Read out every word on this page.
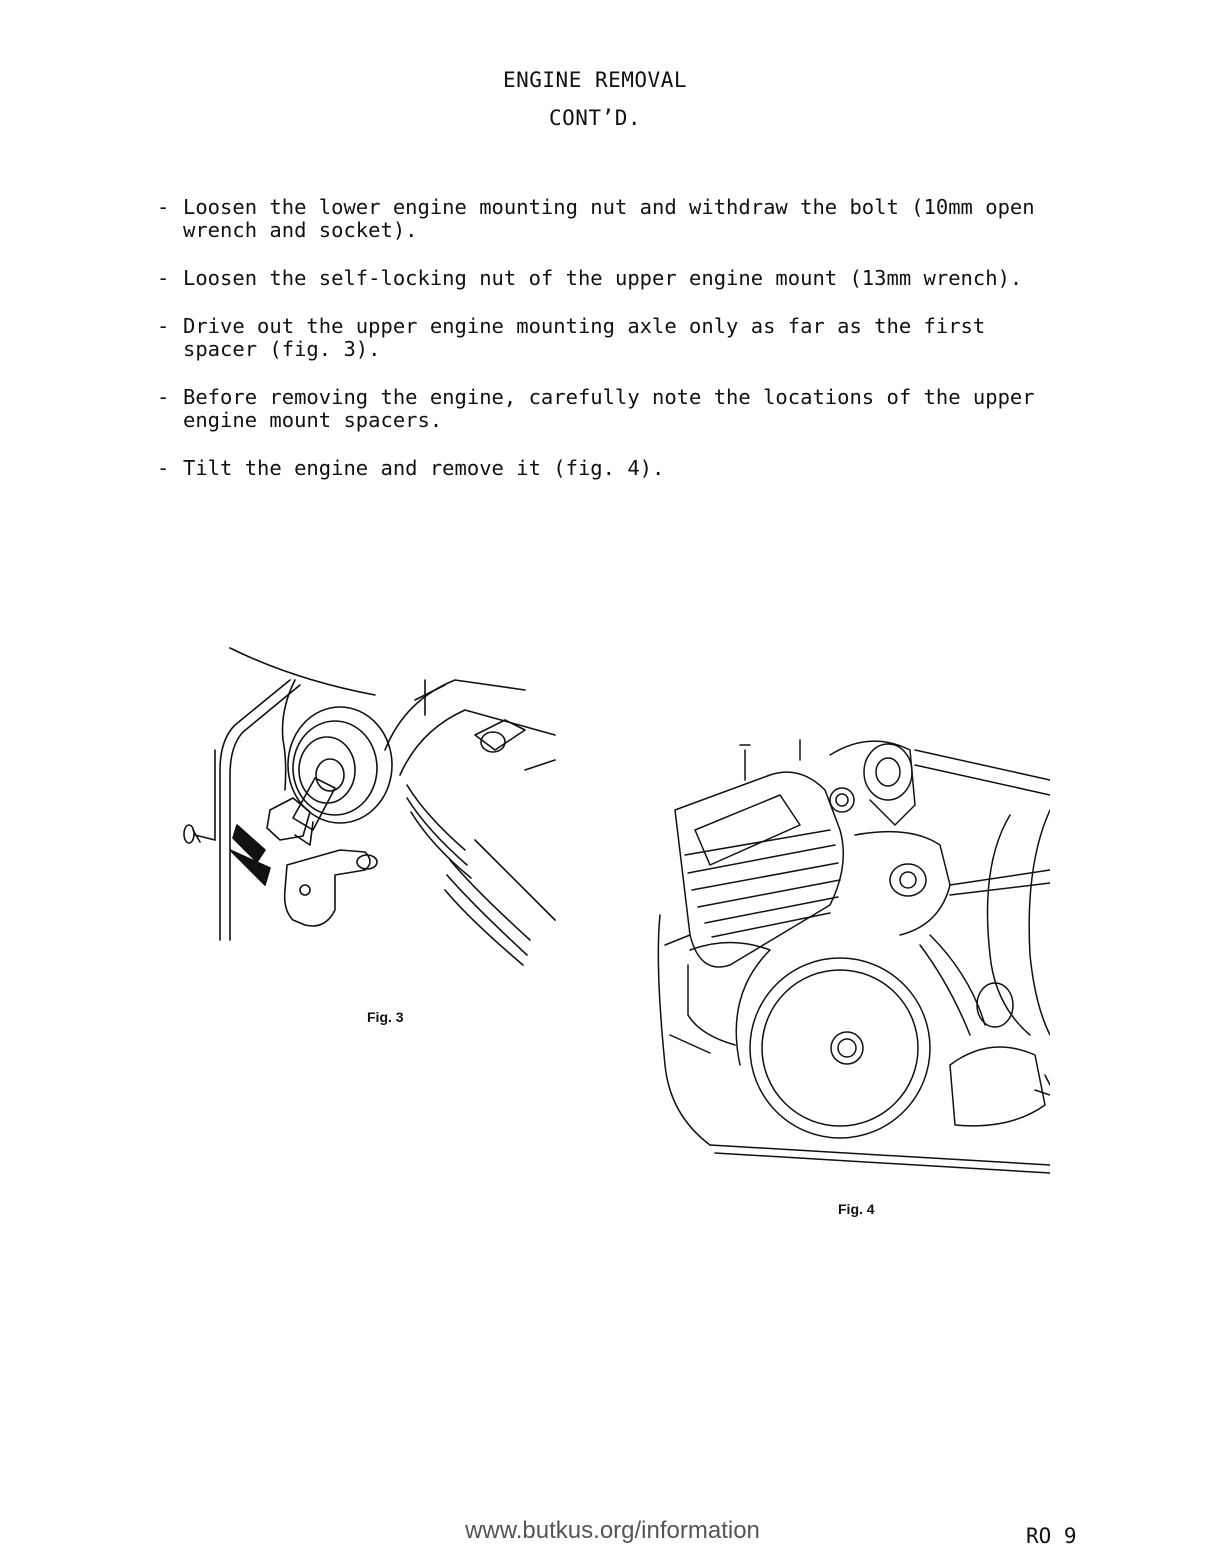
ENGINE REMOVAL
CONT’D.
- Loosen the lower engine mounting nut and withdraw the bolt (10mm open
wrench and socket).
- Loosen the self-locking nut of the upper engine mount (13mm wrench).
- Drive out the upper engine mounting axle only as far as the first
spacer (fig. 3).
- Before removing the engine, carefully note the locations of the upper
engine mount spacers.
- Tilt the engine and remove it (fig. 4).
Fig. 3
Fig. 4
www.butkus.org/information	RO 9
